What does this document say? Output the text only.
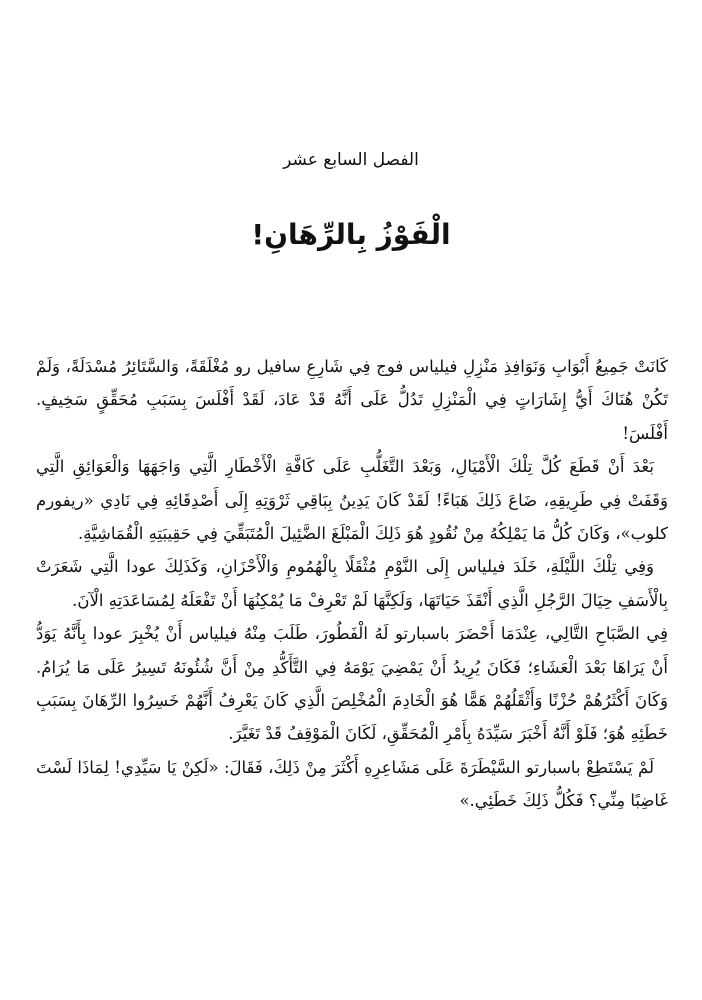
الفصل السابع عشر
الْفَوْزُ بِالرِّهَانِ!

كَانَتْ جَمِيعُ أَبْوَابِ وَنَوَافِذِ مَنْزِلِ فيلياس فوج فِي شَارِعِ سافيل رو مُغْلَقَةً، وَالسَّتَائِرُ مُسْدَلَةً، وَلَمْ تَكُنْ هُنَاكَ أَيُّ إِشَارَاتٍ فِي الْمَنْزِلِ تَدُلُّ عَلَى أَنَّهُ قَدْ عَادَ، لَقَدْ أَفْلَسَ بِسَبَبِ مُحَقِّقٍ سَخِيفٍ. أَفْلَسَ!

بَعْدَ أَنْ قَطَعَ كُلَّ تِلْكَ الْأَمْيَالِ، وَبَعْدَ التَّغَلُّبِ عَلَى كَافَّةِ الْأَخْطَارِ الَّتِي وَاجَهَهَا وَالْعَوَائِقِ الَّتِي وَقَفَتْ فِي طَرِيقِهِ، ضَاعَ ذَلِكَ هَبَاءً! لَقَدْ كَانَ يَدِينُ بِبَاقِي ثَرْوَتِهِ إِلَى أَصْدِقَائِهِ فِي نَادِي «ريفورم كلوب»، وَكَانَ كُلُّ مَا يَمْلِكُهُ مِنْ نُقُودٍ هُوَ ذَلِكَ الْمَبْلَغَ الضَّئِيلَ الْمُتَبَقِّيَ فِي حَقِيبَتِهِ الْقُمَاشِيَّةِ.

وَفِي تِلْكَ اللَّيْلَةِ، خَلَدَ فيلياس إِلَى النَّوْمِ مُثْقَلًا بِالْهُمُومِ وَالْأَحْزَانِ، وَكَذَلِكَ عودا الَّتِي شَعَرَتْ بِالْأَسَفِ حِيَالَ الرَّجُلِ الَّذِي أَنْقَذَ حَيَاتَهَا، وَلَكِنَّهَا لَمْ تَعْرِفْ مَا يُمْكِنُهَا أَنْ تَفْعَلَهُ لِمُسَاعَدَتِهِ الْآنَ.

فِي الصَّبَاحِ التَّالِي، عِنْدَمَا أَحْضَرَ باسبارتو لَهُ الْفَطُورَ، طَلَبَ مِنْهُ فيلياس أَنْ يُخْبِرَ عودا بِأَنَّهُ يَوَدُّ أَنْ يَرَاهَا بَعْدَ الْعَشَاءِ؛ فَكَانَ يُرِيدُ أَنْ يَمْضِيَ يَوْمَهُ فِي التَّأَكُّدِ مِنْ أَنَّ شُئُونَهُ تَسِيرُ عَلَى مَا يُرَامُ. وَكَانَ أَكْثَرُهُمْ حُزْنًا وَأَثْقَلُهُمْ هَمًّا هُوَ الْخَادِمَ الْمُخْلِصَ الَّذِي كَانَ يَعْرِفُ أَنَّهُمْ خَسِرُوا الرِّهَانَ بِسَبَبِ خَطَئِهِ هُوَ؛ فَلَوْ أَنَّهُ أَخْبَرَ سَيِّدَهُ بِأَمْرِ الْمُحَقِّقِ، لَكَانَ الْمَوْقِفُ قَدْ تَغَيَّرَ.

لَمْ يَسْتَطِعْ باسبارتو السَّيْطَرَةَ عَلَى مَشَاعِرِهِ أَكْثَرَ مِنْ ذَلِكَ، فَقَالَ: «لَكِنْ يَا سَيِّدِي! لِمَاذَا لَسْتَ غَاضِبًا مِنِّي؟ فَكُلُّ ذَلِكَ خَطَئِي.»
